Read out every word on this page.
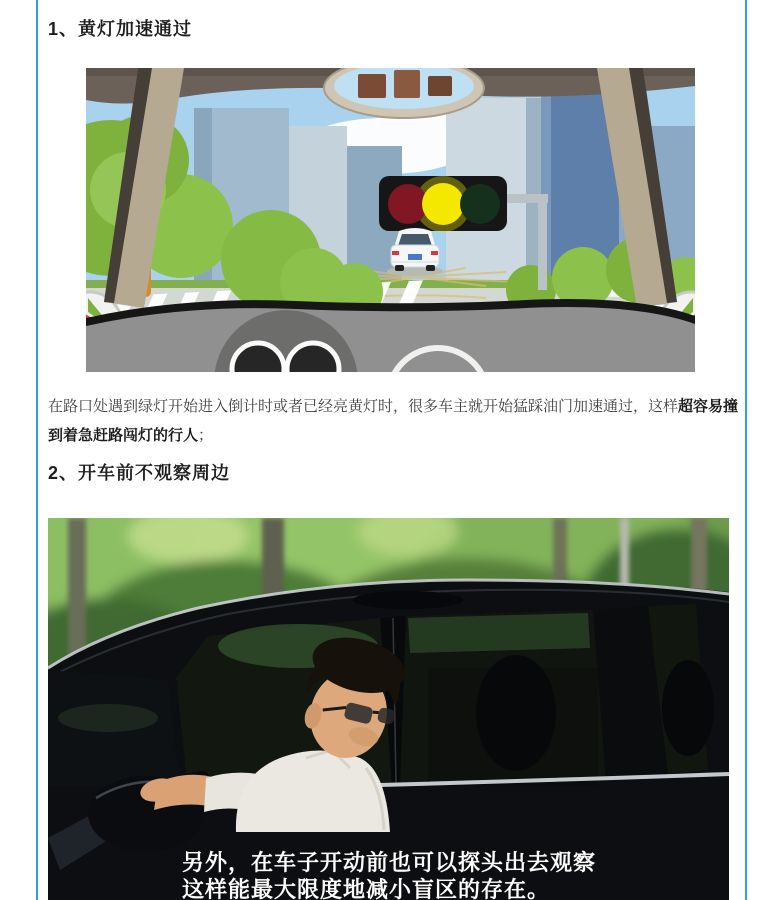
1、黄灯加速通过

在路口处遇到绿灯开始进入倒计时或者已经亮黄灯时，很多车主就开始猛踩油门加速通过，这样超容易撞到着急赶路闯灯的行人；

2、开车前不观察周边
另外，在车子开动前也可以探头出去观察
这样能最大限度地减小盲区的存在。
